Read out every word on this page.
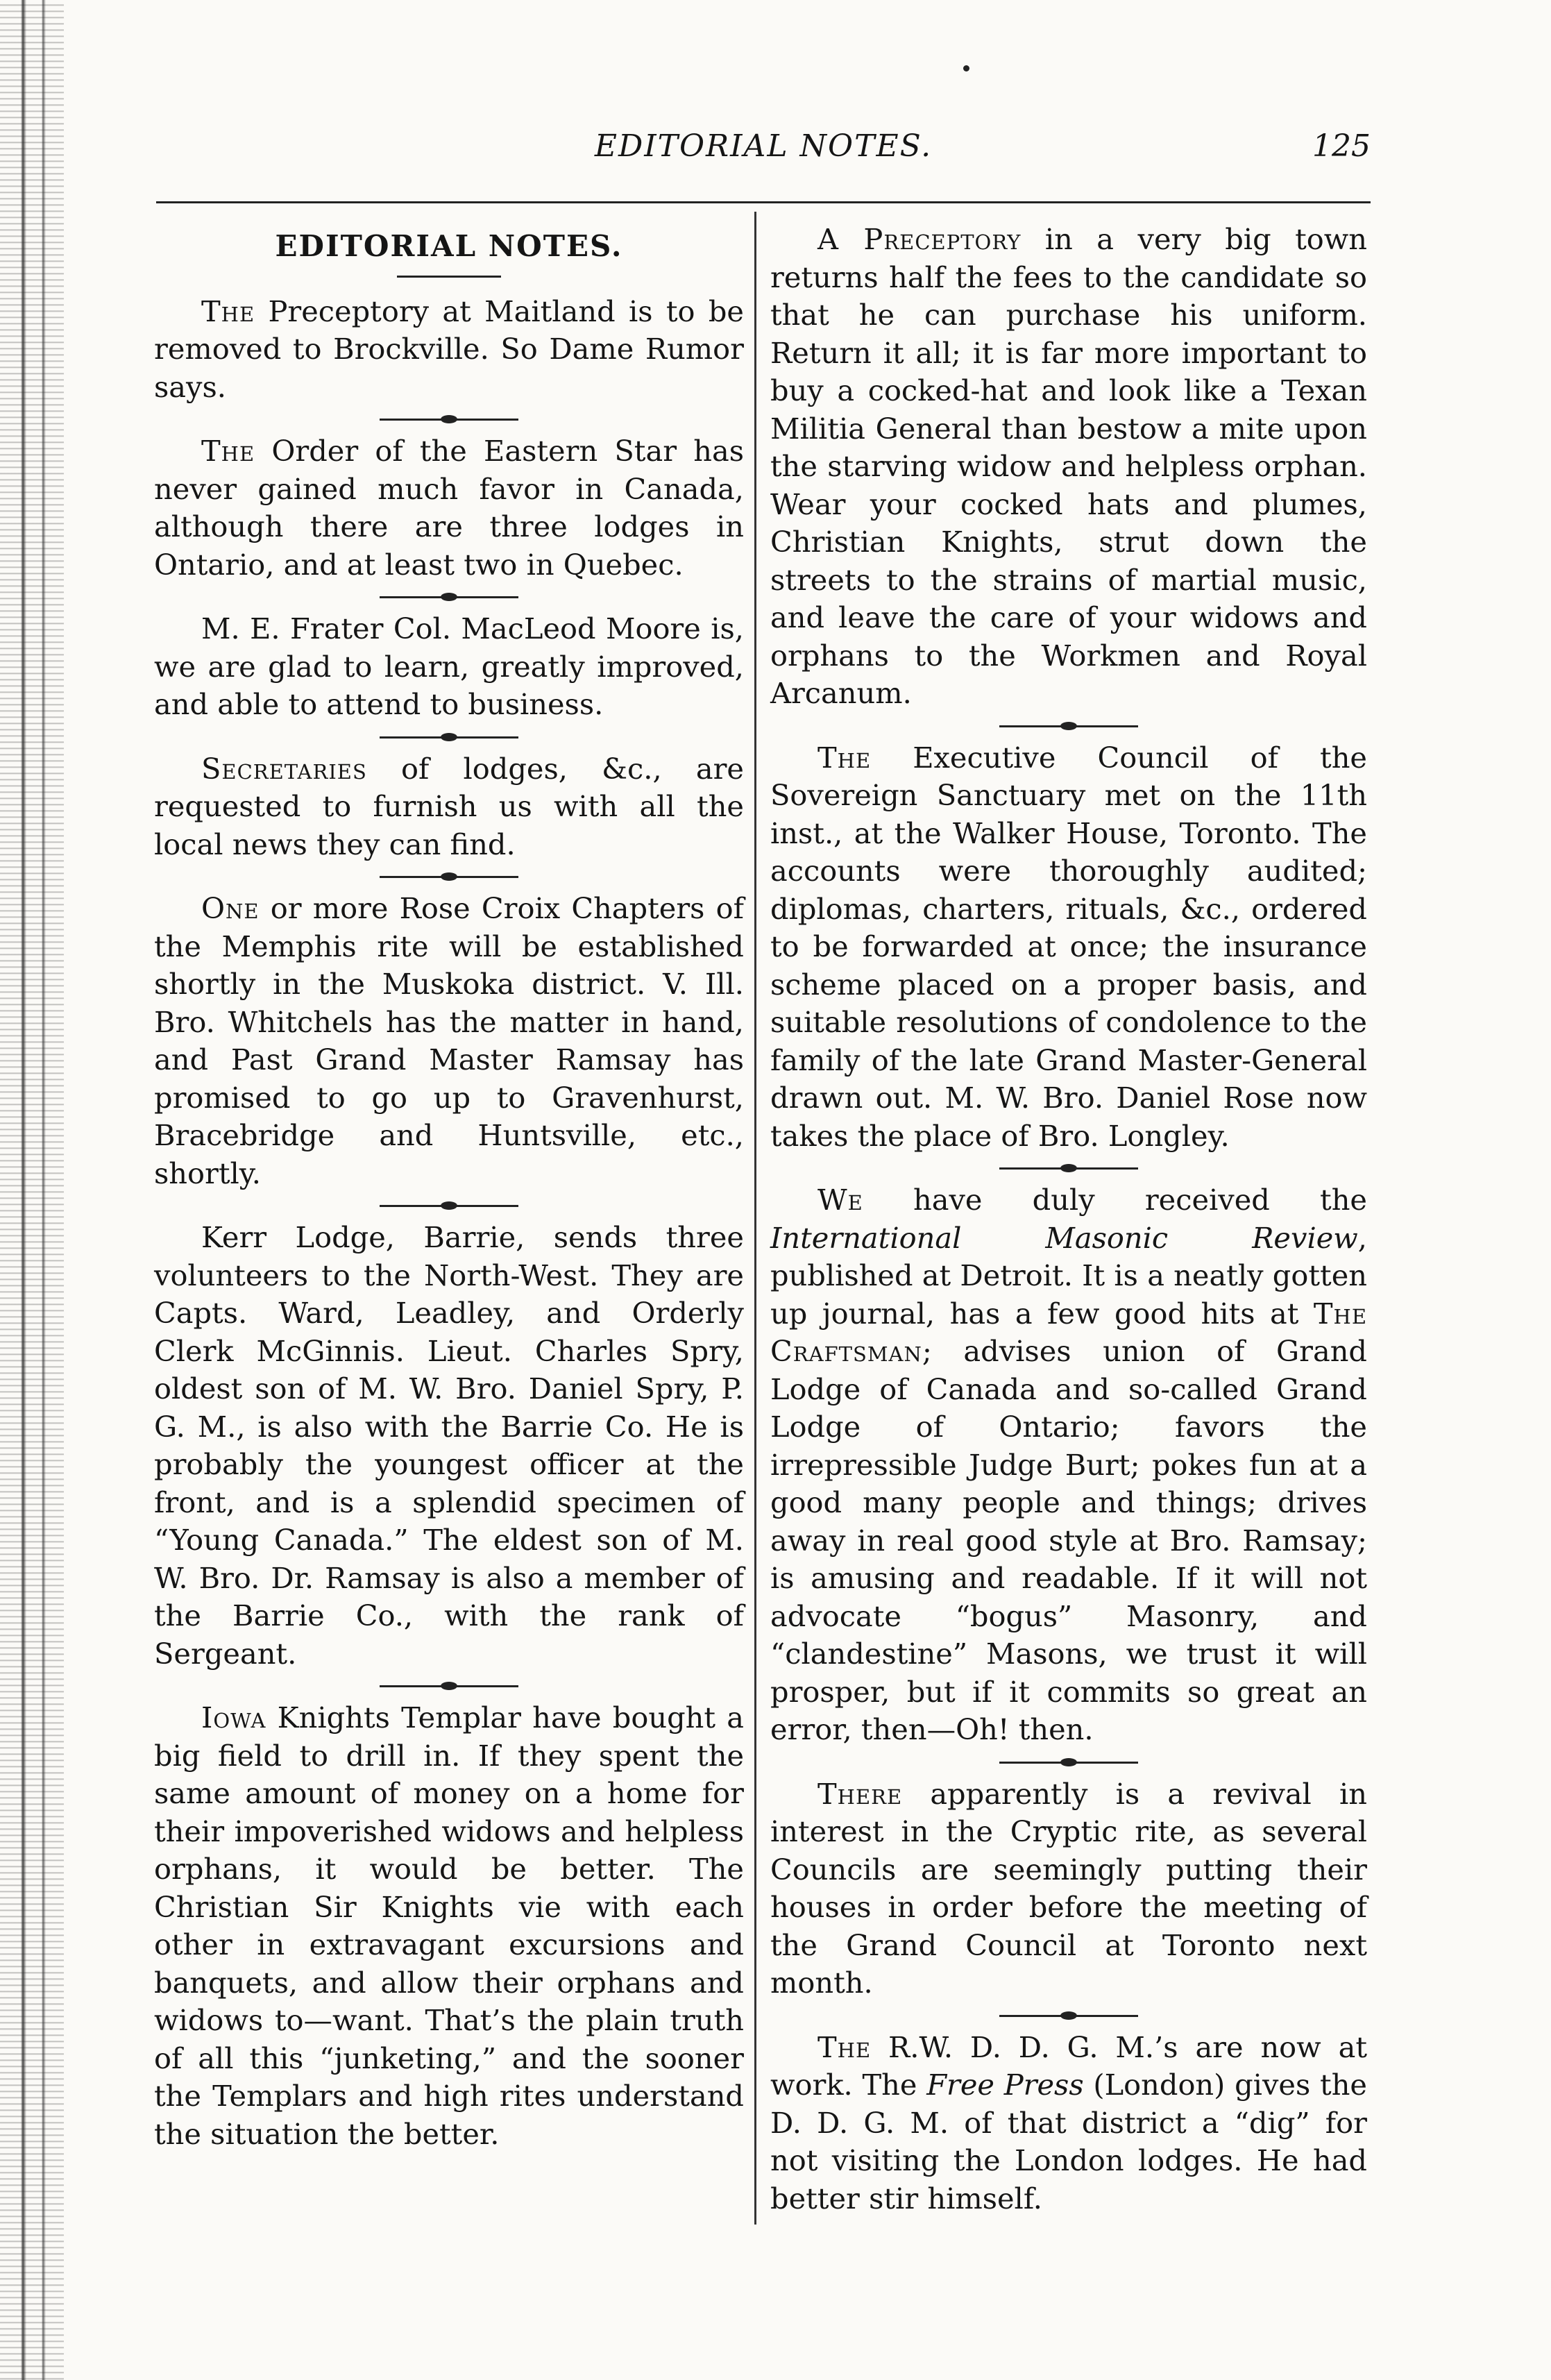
EDITORIAL NOTES.	125
EDITORIAL NOTES.

The Preceptory at Maitland is to be removed to Brockville. So Dame Rumor says.

The Order of the Eastern Star has never gained much favor in Canada, although there are three lodges in Ontario, and at least two in Quebec.

M. E. Frater Col. MacLeod Moore is, we are glad to learn, greatly improved, and able to attend to business.

Secretaries of lodges, &c., are requested to furnish us with all the local news they can find.

One or more Rose Croix Chapters of the Memphis rite will be established shortly in the Muskoka district. V. Ill. Bro. Whitchels has the matter in hand, and Past Grand Master Ramsay has promised to go up to Gravenhurst, Bracebridge and Huntsville, etc., shortly.

Kerr Lodge, Barrie, sends three volunteers to the North-West. They are Capts. Ward, Leadley, and Orderly Clerk McGinnis. Lieut. Charles Spry, oldest son of M. W. Bro. Daniel Spry, P. G. M., is also with the Barrie Co. He is probably the youngest officer at the front, and is a splendid specimen of “Young Canada.” The eldest son of M. W. Bro. Dr. Ramsay is also a member of the Barrie Co., with the rank of Sergeant.

Iowa Knights Templar have bought a big field to drill in. If they spent the same amount of money on a home for their impoverished widows and helpless orphans, it would be better. The Christian Sir Knights vie with each other in extravagant excursions and banquets, and allow their orphans and widows to—want. That’s the plain truth of all this “junketing,” and the sooner the Templars and high rites understand the situation the better.

A Preceptory in a very big town returns half the fees to the candidate so that he can purchase his uniform. Return it all; it is far more important to buy a cocked-hat and look like a Texan Militia General than bestow a mite upon the starving widow and helpless orphan. Wear your cocked hats and plumes, Christian Knights, strut down the streets to the strains of martial music, and leave the care of your widows and orphans to the Workmen and Royal Arcanum.

The Executive Council of the Sovereign Sanctuary met on the 11th inst., at the Walker House, Toronto. The accounts were thoroughly audited; diplomas, charters, rituals, &c., ordered to be forwarded at once; the insurance scheme placed on a proper basis, and suitable resolutions of condolence to the family of the late Grand Master-General drawn out. M. W. Bro. Daniel Rose now takes the place of Bro. Longley.

We have duly received the International Masonic Review, published at Detroit. It is a neatly gotten up journal, has a few good hits at The Craftsman; advises union of Grand Lodge of Canada and so-called Grand Lodge of Ontario; favors the irrepressible Judge Burt; pokes fun at a good many people and things; drives away in real good style at Bro. Ramsay; is amusing and readable. If it will not advocate “bogus” Masonry, and “clandestine” Masons, we trust it will prosper, but if it commits so great an error, then—Oh! then.

There apparently is a revival in interest in the Cryptic rite, as several Councils are seemingly putting their houses in order before the meeting of the Grand Council at Toronto next month.

The R.W. D. D. G. M.’s are now at work. The Free Press (London) gives the D. D. G. M. of that district a “dig” for not visiting the London lodges. He had better stir himself.
